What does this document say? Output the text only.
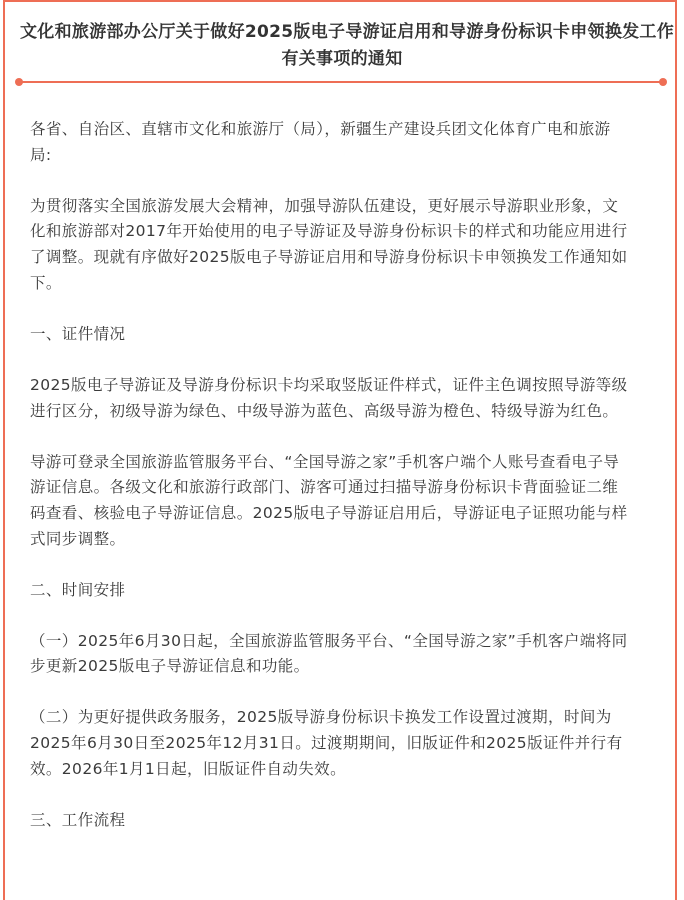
文化和旅游部办公厅关于做好2025版电子导游证启用和导游身份标识卡申领换发工作
有关事项的通知

各省、自治区、直辖市文化和旅游厅（局），新疆生产建设兵团文化体育广电和旅游
局:

为贯彻落实全国旅游发展大会精神，加强导游队伍建设，更好展示导游职业形象，文
化和旅游部对2017年开始使用的电子导游证及导游身份标识卡的样式和功能应用进行
了调整。现就有序做好2025版电子导游证启用和导游身份标识卡申领换发工作通知如
下。

一、证件情况

2025版电子导游证及导游身份标识卡均采取竖版证件样式，证件主色调按照导游等级
进行区分，初级导游为绿色、中级导游为蓝色、高级导游为橙色、特级导游为红色。

导游可登录全国旅游监管服务平台、“全国导游之家”手机客户端个人账号查看电子导
游证信息。各级文化和旅游行政部门、游客可通过扫描导游身份标识卡背面验证二维
码查看、核验电子导游证信息。2025版电子导游证启用后，导游证电子证照功能与样
式同步调整。

二、时间安排

（一）2025年6月30日起，全国旅游监管服务平台、“全国导游之家”手机客户端将同
步更新2025版电子导游证信息和功能。

（二）为更好提供政务服务，2025版导游身份标识卡换发工作设置过渡期，时间为
2025年6月30日至2025年12月31日。过渡期期间，旧版证件和2025版证件并行有
效。2026年1月1日起，旧版证件自动失效。

三、工作流程
